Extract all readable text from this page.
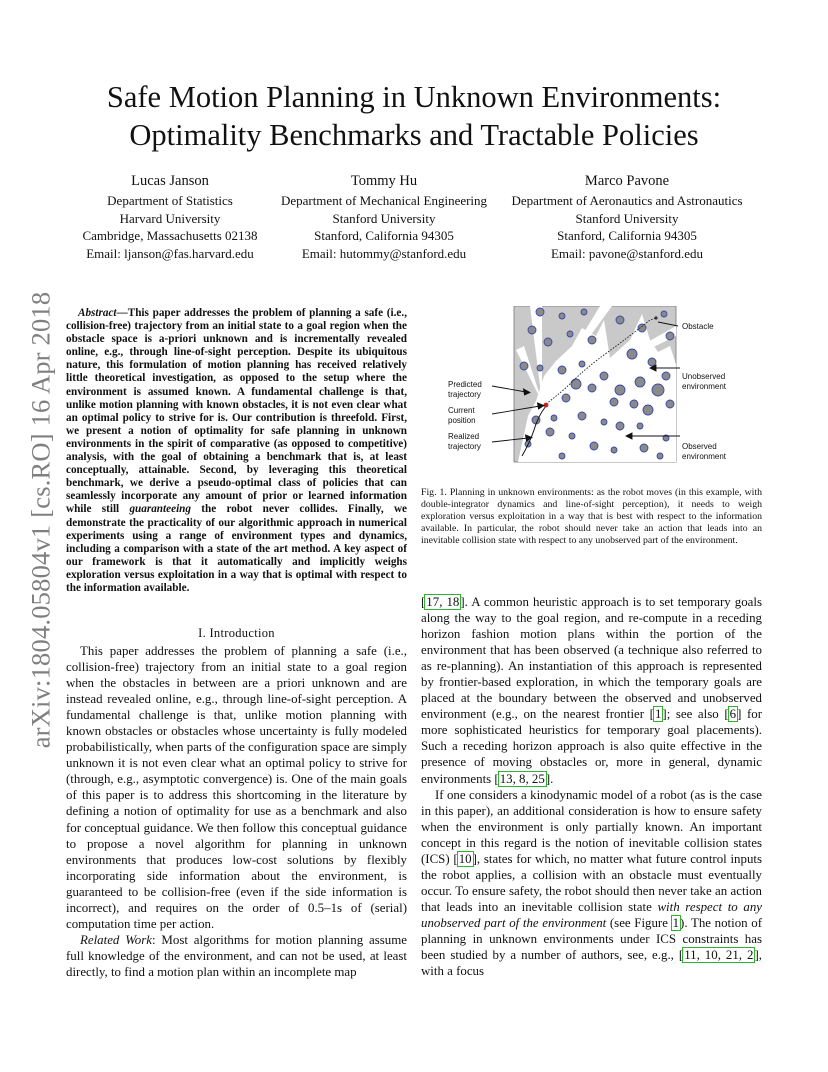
arXiv:1804.05804v1 [cs.RO] 16 Apr 2018
Safe Motion Planning in Unknown Environments:
Optimality Benchmarks and Tractable Policies
Lucas Janson
Department of Statistics
Harvard University
Cambridge, Massachusetts 02138
Email: ljanson@fas.harvard.edu
Tommy Hu
Department of Mechanical Engineering
Stanford University
Stanford, California 94305
Email: hutommy@stanford.edu
Marco Pavone
Department of Aeronautics and Astronautics
Stanford University
Stanford, California 94305
Email: pavone@stanford.edu
Abstract—This paper addresses the problem of planning a safe (i.e., collision-free) trajectory from an initial state to a goal region when the obstacle space is a-priori unknown and is incrementally revealed online, e.g., through line-of-sight perception. Despite its ubiquitous nature, this formulation of motion planning has received relatively little theoretical investigation, as opposed to the setup where the environment is assumed known. A fundamental challenge is that, unlike motion planning with known obstacles, it is not even clear what an optimal policy to strive for is. Our contribution is threefold. First, we present a notion of optimality for safe planning in unknown environments in the spirit of comparative (as opposed to competitive) analysis, with the goal of obtaining a benchmark that is, at least conceptually, attainable. Second, by leveraging this theoretical benchmark, we derive a pseudo-optimal class of policies that can seamlessly incorporate any amount of prior or learned information while still guaranteeing the robot never collides. Finally, we demonstrate the practicality of our algorithmic approach in numerical experiments using a range of environment types and dynamics, including a comparison with a state of the art method. A key aspect of our framework is that it automatically and implicitly weighs exploration versus exploitation in a way that is optimal with respect to the information available.
I. Introduction

This paper addresses the problem of planning a safe (i.e., collision-free) trajectory from an initial state to a goal region when the obstacles in between are a priori unknown and are instead revealed online, e.g., through line-of-sight perception. A fundamental challenge is that, unlike motion planning with known obstacles or obstacles whose uncertainty is fully modeled probabilistically, when parts of the configuration space are simply unknown it is not even clear what an optimal policy to strive for (through, e.g., asymptotic convergence) is. One of the main goals of this paper is to address this shortcoming in the literature by defining a notion of optimality for use as a benchmark and also for conceptual guidance. We then follow this conceptual guidance to propose a novel algorithm for planning in unknown environments that produces low-cost solutions by flexibly incorporating side information about the environment, is guaranteed to be collision-free (even if the side information is incorrect), and requires on the order of 0.5–1s of (serial) computation time per action.

Related Work: Most algorithms for motion planning assume full knowledge of the environment, and can not be used, at least directly, to find a motion plan within an incomplete map

Obstacle
Unobserved
environment
Observed
environment
Predicted
trajectory
Current
position
Realized
trajectory
Fig. 1. Planning in unknown environments: as the robot moves (in this example, with double-integrator dynamics and line-of-sight perception), it needs to weigh exploration versus exploitation in a way that is best with respect to the information available. In particular, the robot should never take an action that leads into an inevitable collision state with respect to any unobserved part of the environment.

[17, 18]. A common heuristic approach is to set temporary goals along the way to the goal region, and re-compute in a receding horizon fashion motion plans within the portion of the environment that has been observed (a technique also referred to as re-planning). An instantiation of this approach is represented by frontier-based exploration, in which the temporary goals are placed at the boundary between the observed and unobserved environment (e.g., on the nearest frontier [1]; see also [6] for more sophisticated heuristics for temporary goal placements). Such a receding horizon approach is also quite effective in the presence of moving obstacles or, more in general, dynamic environments [13, 8, 25].

If one considers a kinodynamic model of a robot (as is the case in this paper), an additional consideration is how to ensure safety when the environment is only partially known. An important concept in this regard is the notion of inevitable collision states (ICS) [10], states for which, no matter what future control inputs the robot applies, a collision with an obstacle must eventually occur. To ensure safety, the robot should then never take an action that leads into an inevitable collision state with respect to any unobserved part of the environment (see Figure 1). The notion of planning in unknown environments under ICS constraints has been studied by a number of authors, see, e.g., [11, 10, 21, 2], with a focus
